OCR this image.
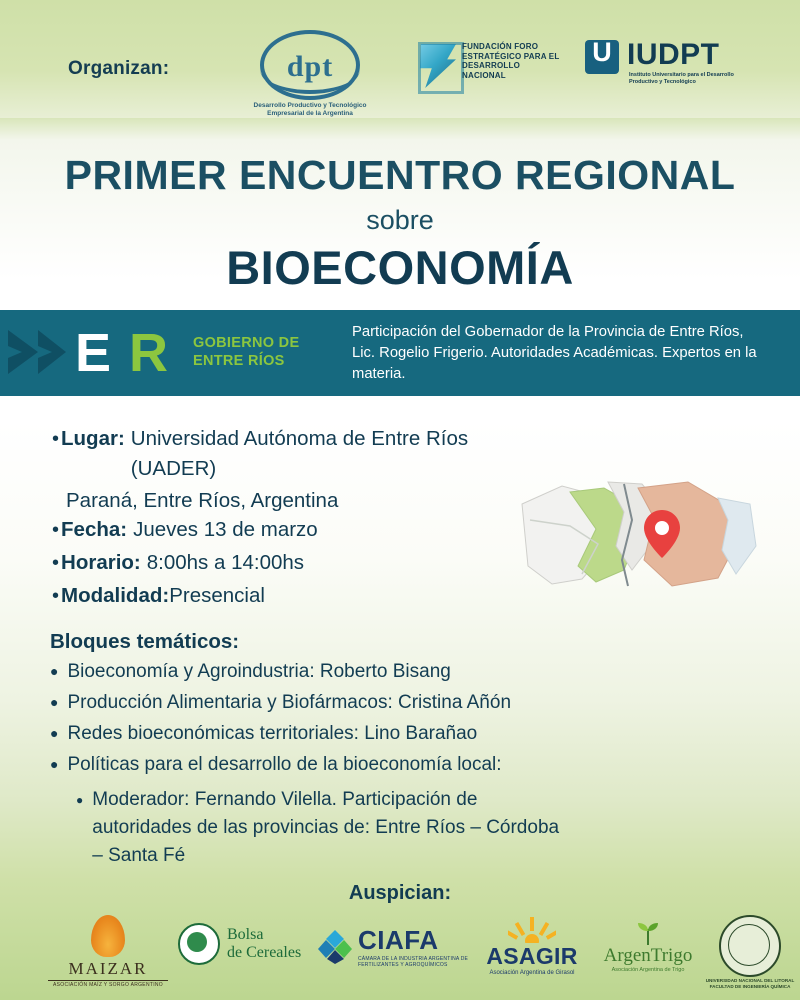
Organizan:	dpt
Desarrollo Productivo y Tecnológico Empresarial de la Argentina
FUNDACIÓN FORO ESTRATÉGICO PARA EL DESARROLLO NACIONAL
U
IUDPT
Instituto Universitario para el Desarrollo Productivo y Tecnológico
PRIMER ENCUENTRO REGIONAL
sobre
BIOECONOMÍA
E R GOBIERNO DE
ENTRE RÍOS
Participación del Gobernador de la Provincia de Entre Ríos, Lic. Rogelio Frigerio. Autoridades Académicas. Expertos en la materia.
• Lugar: Universidad Autónoma de Entre Ríos (UADER)
Paraná, Entre Ríos, Argentina
• Fecha: Jueves 13 de marzo
• Horario: 8:00hs a 14:00hs
• Modalidad: Presencial
Bloques temáticos:
● Bioeconomía y Agroindustria: Roberto Bisang
● Producción Alimentaria y Biofármacos: Cristina Añón
● Redes bioeconómicas territoriales: Lino Barañao
● Políticas para el desarrollo de la bioeconomía local:
● Moderador: Fernando Vilella. Participación de autoridades de las provincias de: Entre Ríos – Córdoba – Santa Fé
Auspician:
MAIZAR
ASOCIACIÓN MAÍZ Y SORGO ARGENTINO
Bolsa
de Cereales CIAFA
CÁMARA DE LA INDUSTRIA ARGENTINA DE FERTILIZANTES Y AGROQUÍMICOS	ASAGIR
Asociación Argentina de Girasol
ArgenTrigo
Asociación Argentina de Trigo
UNIVERSIDAD NACIONAL DEL LITORAL
FACULTAD DE INGENIERÍA QUÍMICA
